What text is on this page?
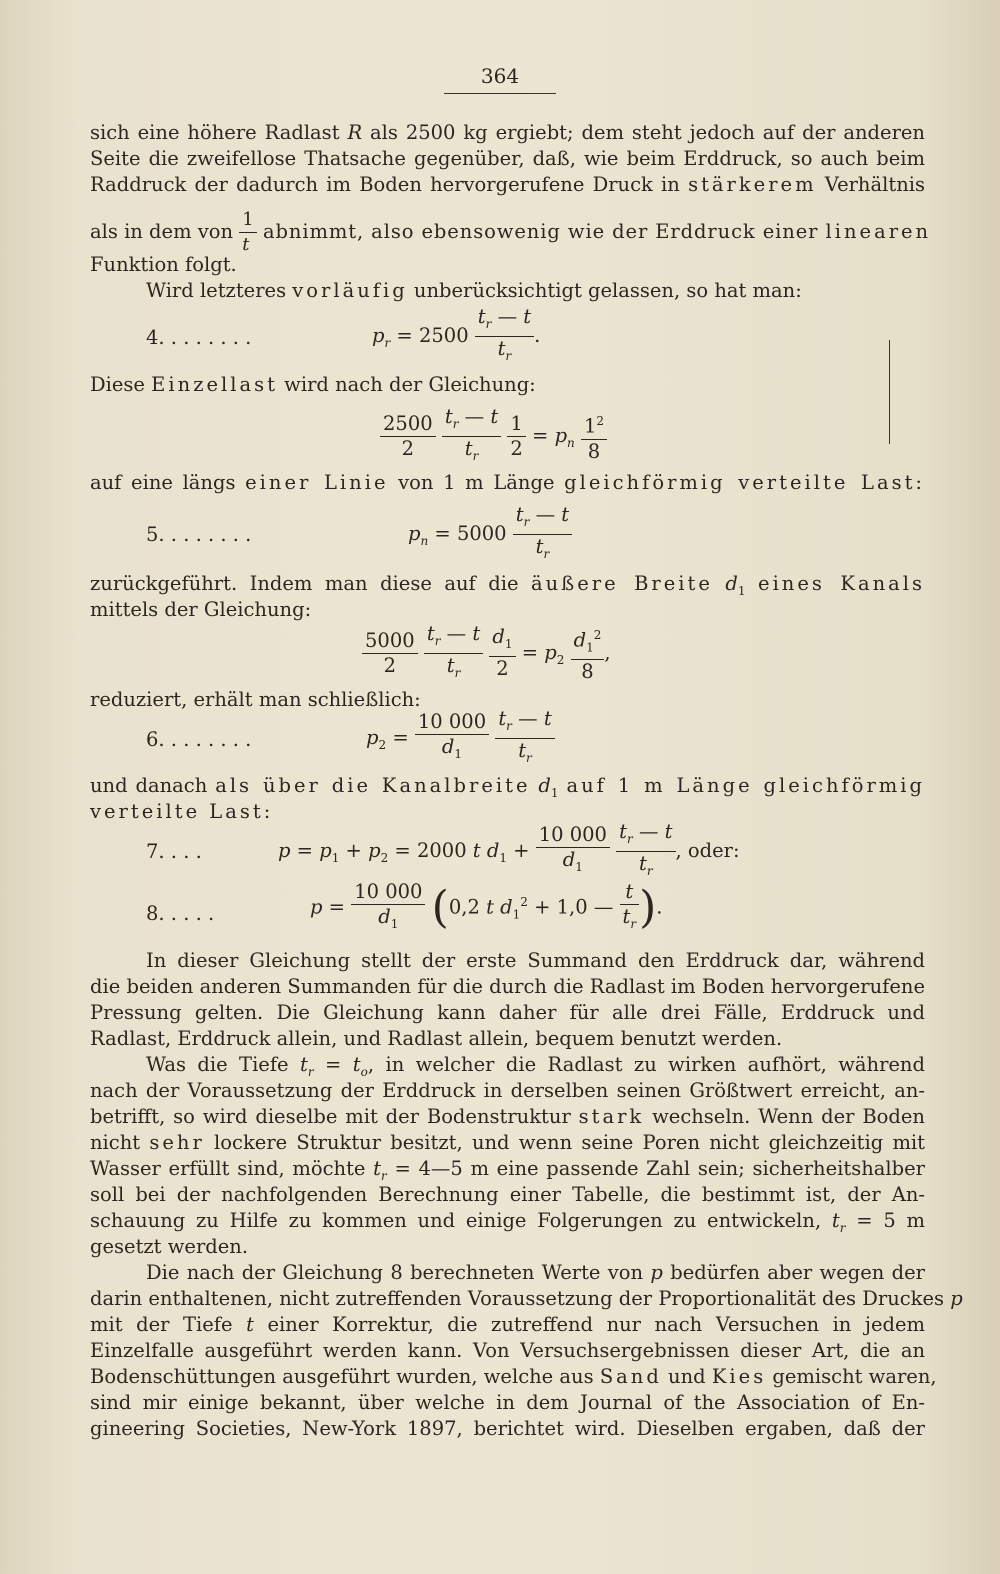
364
sich eine höhere Radlast R als 2500 kg ergiebt; dem steht jedoch auf der anderen
Seite die zweifellose Thatsache gegenüber, daß, wie beim Erddruck, so auch beim
Raddruck der dadurch im Boden hervorgerufene Druck in stärkerem Verhältnis
als in dem von $\frac{1}{t}$ abnimmt, also ebensowenig wie der Erddruck einer linearen
Funktion folgt.
Wird letzteres vorläufig unberücksichtigt gelassen, so hat man:
4. . . . . . . .	$p_r = 2500 \frac{t_r — t}{t_r}$ .
Diese Einzellast wird nach der Gleichung:
$\frac{2500}{2}$
$\frac{t_r — t}{t_r}$
$\frac{1}{2} = p_n \frac{1^2}{8}$
auf eine längs einer Linie von 1 m Länge gleichförmig verteilte Last:
5. . . . . . . .	$p_n = 5000 \frac{t_r — t}{t_r}$
zurückgeführt. Indem man diese auf die äußere Breite $d_1$ eines Kanals
mittels der Gleichung:
$\frac{5000}{2}$
$\frac{t_r — t}{t_r}$
$\frac{d_1}{2} = p_2 \frac{d_1^2}{8}$ ,
reduziert, erhält man schließlich:
6. . . . . . . .	$p_2 = \frac{10 000}{d_1}$
$\frac{t_r — t}{t_r}$
und danach als über die Kanalbreite $d_1$ auf 1 m Länge gleichförmig
verteilte Last:
7. . . .	$p = p_1 + p_2 = 2000$ t $d_1 + \frac{10 000}{d_1}$
$\frac{t_r — t}{t_r}$ , oder:
8. . . . .	$p = \frac{10 000}{d_1} (0,2$ t $d_1^2 + 1,0$ — $\frac{t}{t_r}$ ).
In dieser Gleichung stellt der erste Summand den Erddruck dar, während
die beiden anderen Summanden für die durch die Radlast im Boden hervorgerufene
Pressung gelten. Die Gleichung kann daher für alle drei Fälle, Erddruck und
Radlast, Erddruck allein, und Radlast allein, bequem benutzt werden.
Was die Tiefe $t_r = t_o$, in welcher die Radlast zu wirken aufhört, während
nach der Voraussetzung der Erddruck in derselben seinen Größtwert erreicht, an-
betrifft, so wird dieselbe mit der Bodenstruktur stark wechseln. Wenn der Boden
nicht sehr lockere Struktur besitzt, und wenn seine Poren nicht gleichzeitig mit
Wasser erfüllt sind, möchte $t_r$ = 4—5 m eine passende Zahl sein; sicherheitshalber
soll bei der nachfolgenden Berechnung einer Tabelle, die bestimmt ist, der An-
schauung zu Hilfe zu kommen und einige Folgerungen zu entwickeln, $t_r = 5$ m
gesetzt werden.
Die nach der Gleichung 8 berechneten Werte von p bedürfen aber wegen der
darin enthaltenen, nicht zutreffenden Voraussetzung der Proportionalität des Druckes p
mit der Tiefe t einer Korrektur, die zutreffend nur nach Versuchen in jedem
Einzelfalle ausgeführt werden kann. Von Versuchsergebnissen dieser Art, die an
Bodenschüttungen ausgeführt wurden, welche aus Sand und Kies gemischt waren,
sind mir einige bekannt, über welche in dem Journal of the Association of En-
gineering Societies, New-York 1897, berichtet wird. Dieselben ergaben, daß der
